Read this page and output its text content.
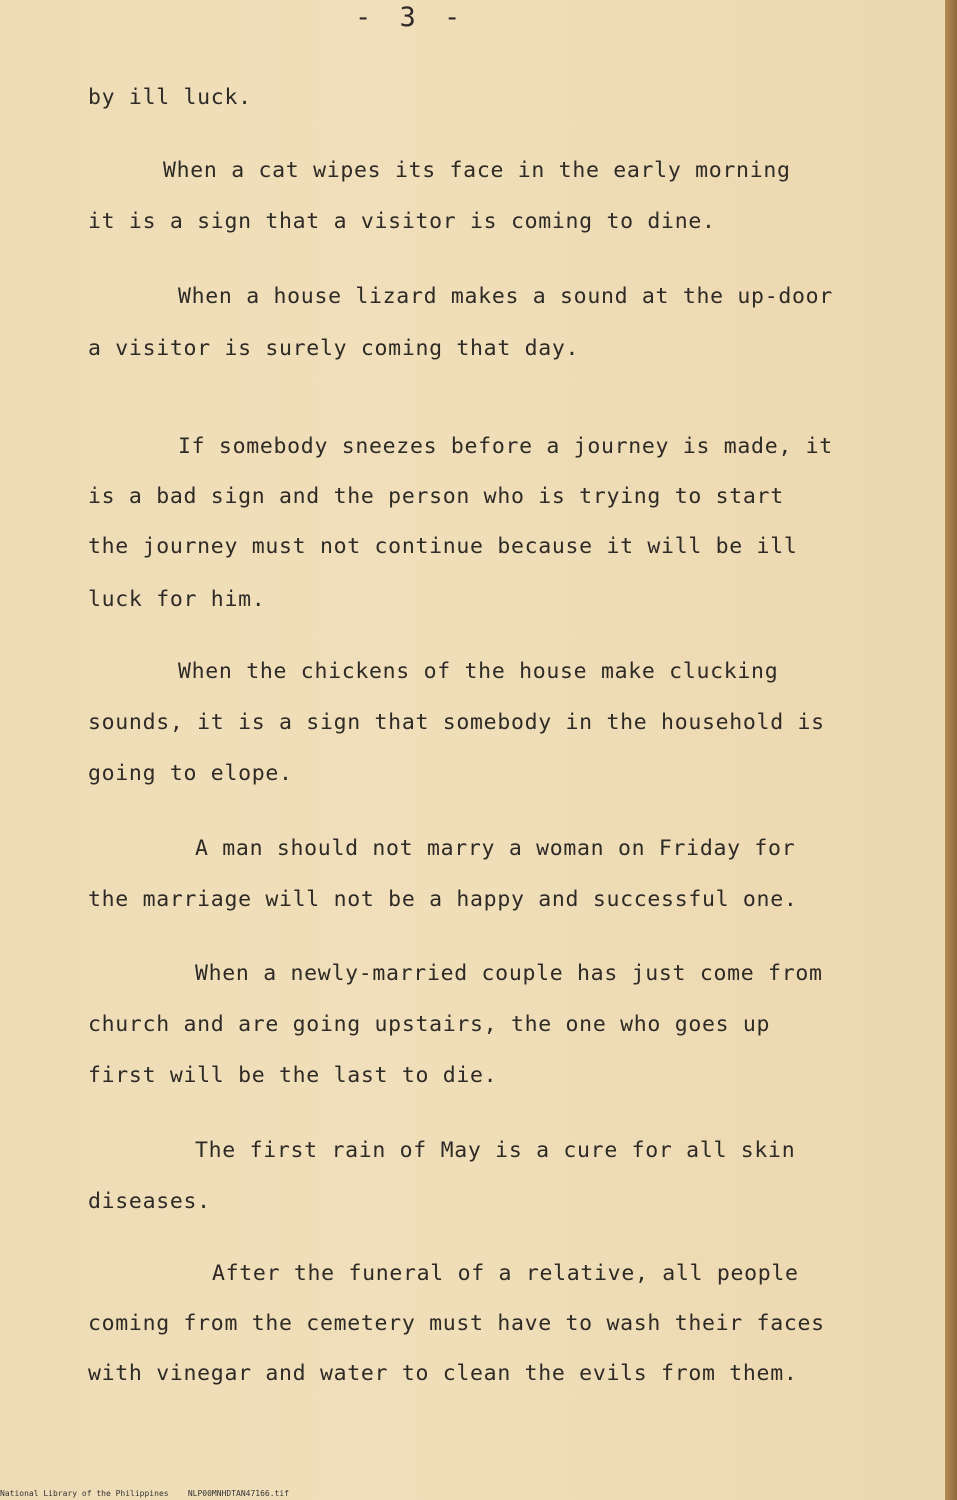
- 3 -
by ill luck.
When a cat wipes its face in the early morning
it is a sign that a visitor is coming to dine.
When a house lizard makes a sound at the up-door
a visitor is surely coming that day.
If somebody sneezes before a journey is made, it
is a bad sign and the person who is trying to start
the journey must not continue because it will be ill
luck for him.
When the chickens of the house make clucking
sounds, it is a sign that somebody in the household is
going to elope.
A man should not marry a woman on Friday for
the marriage will not be a happy and successful one.
When a newly-married couple has just come from
church and are going upstairs, the one who goes up
first will be the last to die.
The first rain of May is a cure for all skin
diseases.
After the funeral of a relative, all people
coming from the cemetery must have to wash their faces
with vinegar and water to clean the evils from them.
National Library of the Philippines    NLP00MNHDTAN47166.tif
